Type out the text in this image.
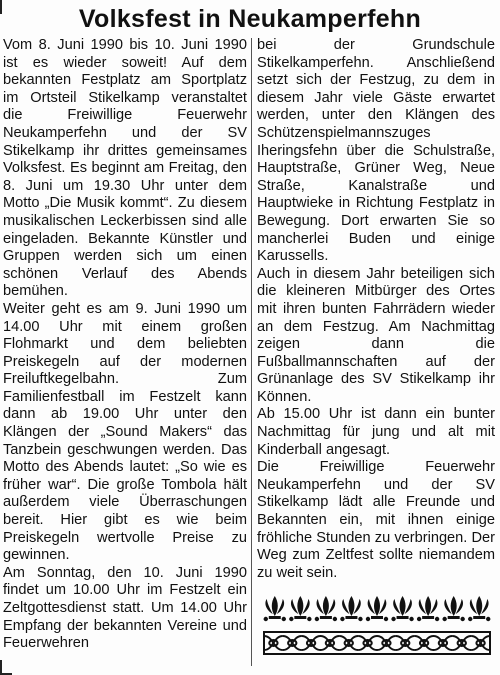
Volksfest in Neukamperfehn

Vom 8. Juni 1990 bis 10. Juni 1990 ist es wieder soweit! Auf dem bekannten Festplatz am Sportplatz im Ortsteil Stikelkamp veranstaltet die Freiwillige Feuerwehr Neukamperfehn und der SV Stikelkamp ihr drittes gemeinsames Volksfest. Es beginnt am Freitag, den 8. Juni um 19.30 Uhr unter dem Motto „Die Musik kommt“. Zu diesem musikalischen Leckerbissen sind alle eingeladen. Bekannte Künstler und Gruppen werden sich um einen schönen Verlauf des Abends bemühen.

Weiter geht es am 9. Juni 1990 um 14.00 Uhr mit einem großen Flohmarkt und dem beliebten Preiskegeln auf der modernen Freiluftkegelbahn. Zum Familienfestball im Festzelt kann dann ab 19.00 Uhr unter den Klängen der „Sound Makers“ das Tanzbein geschwungen werden. Das Motto des Abends lautet: „So wie es früher war“. Die große Tombola hält außerdem viele Überraschungen bereit. Hier gibt es wie beim Preiskegeln wertvolle Preise zu gewinnen.

Am Sonntag, den 10. Juni 1990 findet um 10.00 Uhr im Festzelt ein Zeltgottesdienst statt. Um 14.00 Uhr Empfang der bekannten Vereine und Feuerwehren

bei der Grundschule Stikelkamperfehn. Anschließend setzt sich der Festzug, zu dem in diesem Jahr viele Gäste erwartet werden, unter den Klängen des Schützenspielmannszuges Iheringsfehn über die Schulstraße, Hauptstraße, Grüner Weg, Neue Straße, Kanalstraße und Hauptwieke in Richtung Festplatz in Bewegung. Dort erwarten Sie so mancherlei Buden und einige Karussells.

Auch in diesem Jahr beteiligen sich die kleineren Mitbürger des Ortes mit ihren bunten Fahrrädern wieder an dem Festzug. Am Nachmittag zeigen dann die Fußballmannschaften auf der Grünanlage des SV Stikelkamp ihr Können.

Ab 15.00 Uhr ist dann ein bunter Nachmittag für jung und alt mit Kinderball angesagt.

Die Freiwillige Feuerwehr Neukamperfehn und der SV Stikelkamp lädt alle Freunde und Bekannten ein, mit ihnen einige fröhliche Stunden zu verbringen. Der Weg zum Zeltfest sollte niemandem zu weit sein.
